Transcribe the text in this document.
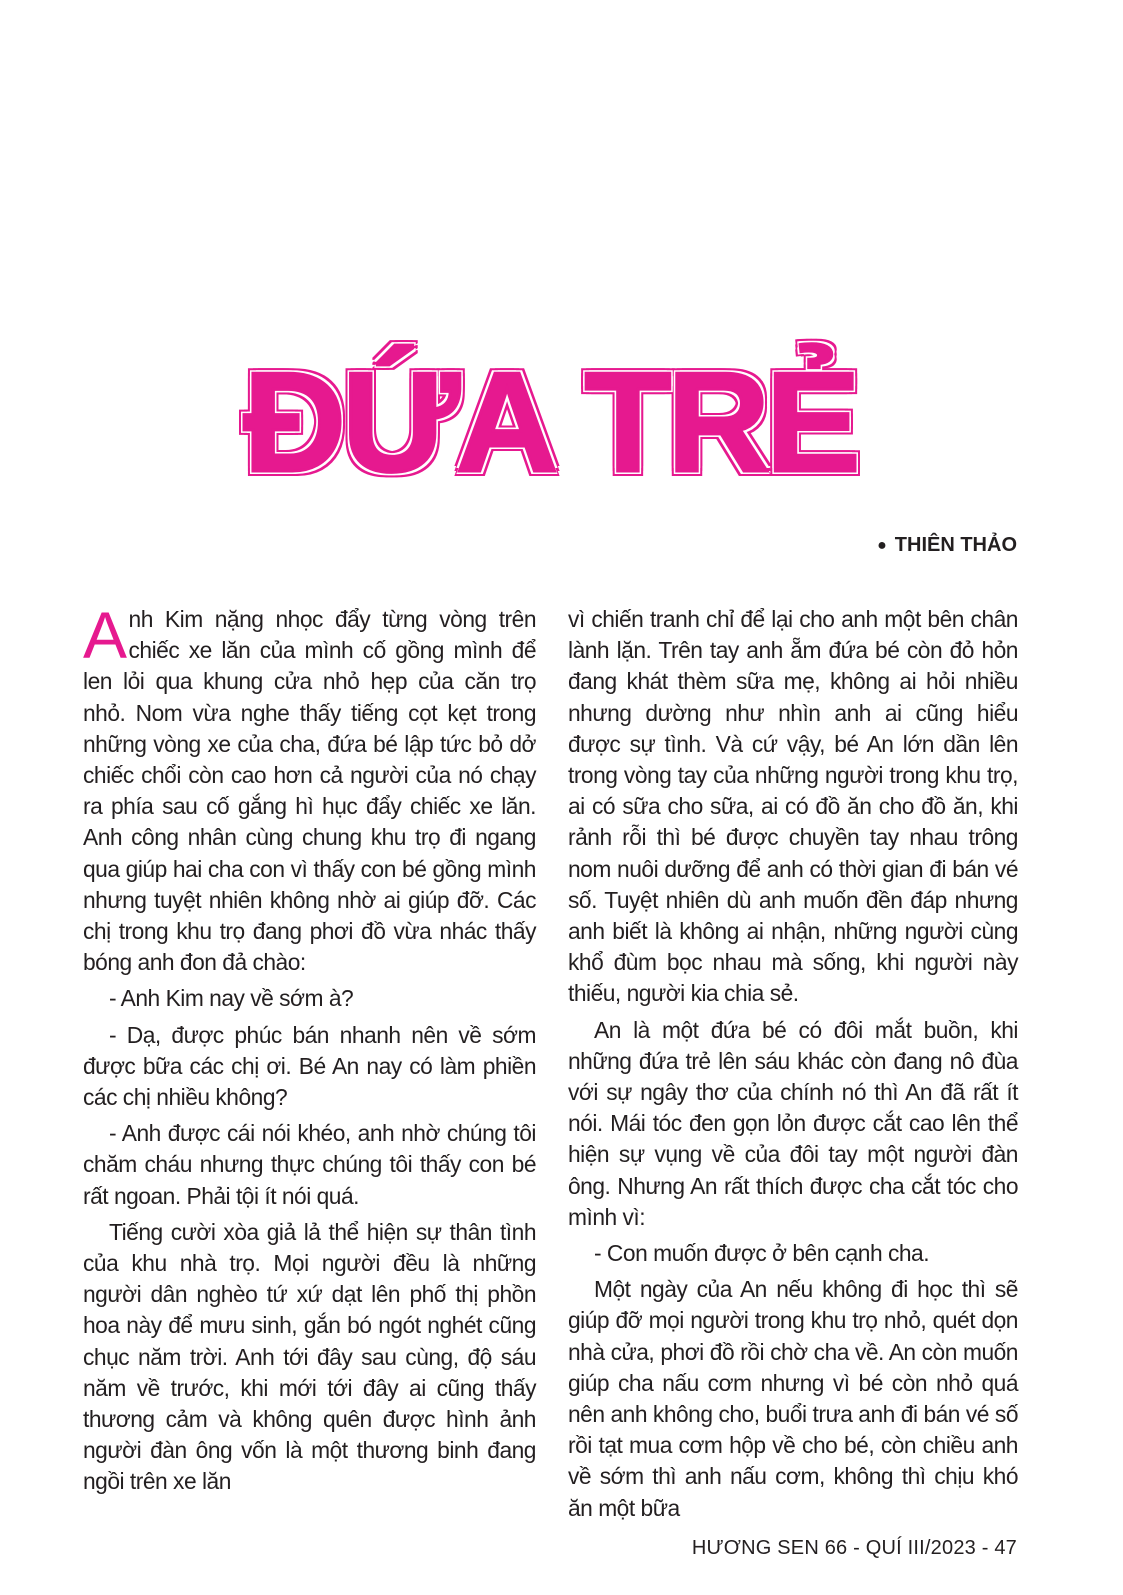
ĐỨA TRẺ
● THIÊN THẢO

Anh Kim nặng nhọc đẩy từng vòng trên chiếc xe lăn của mình cố gồng mình để len lỏi qua khung cửa nhỏ hẹp của căn trọ nhỏ. Nom vừa nghe thấy tiếng cọt kẹt trong những vòng xe của cha, đứa bé lập tức bỏ dở chiếc chổi còn cao hơn cả người của nó chạy ra phía sau cố gắng hì hục đẩy chiếc xe lăn. Anh công nhân cùng chung khu trọ đi ngang qua giúp hai cha con vì thấy con bé gồng mình nhưng tuyệt nhiên không nhờ ai giúp đỡ. Các chị trong khu trọ đang phơi đồ vừa nhác thấy bóng anh đon đả chào:

- Anh Kim nay về sớm à?

- Dạ, được phúc bán nhanh nên về sớm được bữa các chị ơi. Bé An nay có làm phiền các chị nhiều không?

- Anh được cái nói khéo, anh nhờ chúng tôi chăm cháu nhưng thực chúng tôi thấy con bé rất ngoan. Phải tội ít nói quá.

Tiếng cười xòa giả lả thể hiện sự thân tình của khu nhà trọ. Mọi người đều là những người dân nghèo tứ xứ dạt lên phố thị phồn hoa này để mưu sinh, gắn bó ngót nghét cũng chục năm trời. Anh tới đây sau cùng, độ sáu năm về trước, khi mới tới đây ai cũng thấy thương cảm và không quên được hình ảnh người đàn ông vốn là một thương binh đang ngồi trên xe lăn

vì chiến tranh chỉ để lại cho anh một bên chân lành lặn. Trên tay anh ẵm đứa bé còn đỏ hỏn đang khát thèm sữa mẹ, không ai hỏi nhiều nhưng dường như nhìn anh ai cũng hiểu được sự tình. Và cứ vậy, bé An lớn dần lên trong vòng tay của những người trong khu trọ, ai có sữa cho sữa, ai có đồ ăn cho đồ ăn, khi rảnh rỗi thì bé được chuyền tay nhau trông nom nuôi dưỡng để anh có thời gian đi bán vé số. Tuyệt nhiên dù anh muốn đền đáp nhưng anh biết là không ai nhận, những người cùng khổ đùm bọc nhau mà sống, khi người này thiếu, người kia chia sẻ.

An là một đứa bé có đôi mắt buồn, khi những đứa trẻ lên sáu khác còn đang nô đùa với sự ngây thơ của chính nó thì An đã rất ít nói. Mái tóc đen gọn lỏn được cắt cao lên thể hiện sự vụng về của đôi tay một người đàn ông. Nhưng An rất thích được cha cắt tóc cho mình vì:

- Con muốn được ở bên cạnh cha.

Một ngày của An nếu không đi học thì sẽ giúp đỡ mọi người trong khu trọ nhỏ, quét dọn nhà cửa, phơi đồ rồi chờ cha về. An còn muốn giúp cha nấu cơm nhưng vì bé còn nhỏ quá nên anh không cho, buổi trưa anh đi bán vé số rồi tạt mua cơm hộp về cho bé, còn chiều anh về sớm thì anh nấu cơm, không thì chịu khó ăn một bữa

HƯƠNG SEN 66 - QUÍ III/2023 - 47
